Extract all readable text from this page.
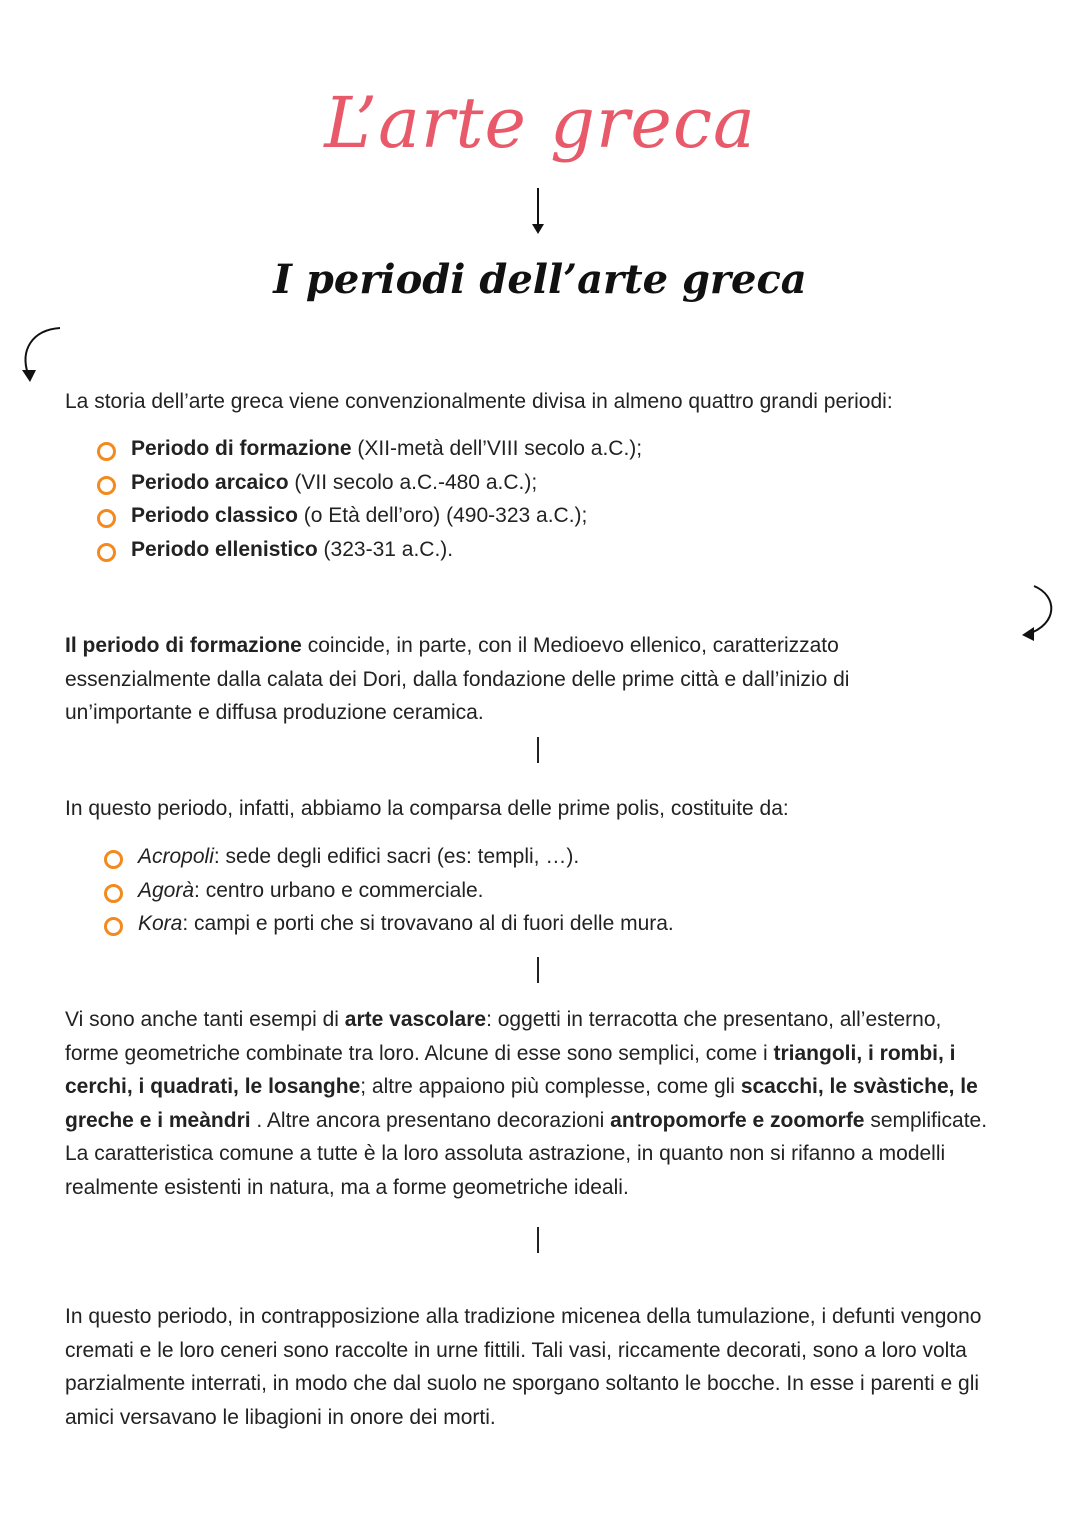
L’arte greca
I periodi dell’arte greca

La storia dell’arte greca viene convenzionalmente divisa in almeno quattro grandi periodi:

Periodo di formazione (XII-metà dell’VIII secolo a.C.);
Periodo arcaico (VII secolo a.C.-480 a.C.);
Periodo classico (o Età dell’oro) (490-323 a.C.);
Periodo ellenistico (323-31 a.C.).

Il periodo di formazione coincide, in parte, con il Medioevo ellenico, caratterizzato essenzialmente dalla calata dei Dori, dalla fondazione delle prime città e dall’inizio di un’importante e diffusa produzione ceramica.

In questo periodo, infatti, abbiamo la comparsa delle prime polis, costituite da:

Acropoli: sede degli edifici sacri (es: templi, …).
Agorà: centro urbano e commerciale.
Kora: campi e porti che si trovavano al di fuori delle mura.

Vi sono anche tanti esempi di arte vascolare: oggetti in terracotta che presentano, all’esterno, forme geometriche combinate tra loro. Alcune di esse sono semplici, come i triangoli, i rombi, i cerchi, i quadrati, le losanghe; altre appaiono più complesse, come gli scacchi, le svàstiche, le greche e i meàndri . Altre ancora presentano decorazioni antropomorfe e zoomorfe semplificate. La caratteristica comune a tutte è la loro assoluta astrazione, in quanto non si rifanno a modelli realmente esistenti in natura, ma a forme geometriche ideali.

In questo periodo, in contrapposizione alla tradizione micenea della tumulazione, i defunti vengono cremati e le loro ceneri sono raccolte in urne fittili. Tali vasi, riccamente decorati, sono a loro volta parzialmente interrati, in modo che dal suolo ne sporgano soltanto le bocche. In esse i parenti e gli amici versavano le libagioni in onore dei morti.
